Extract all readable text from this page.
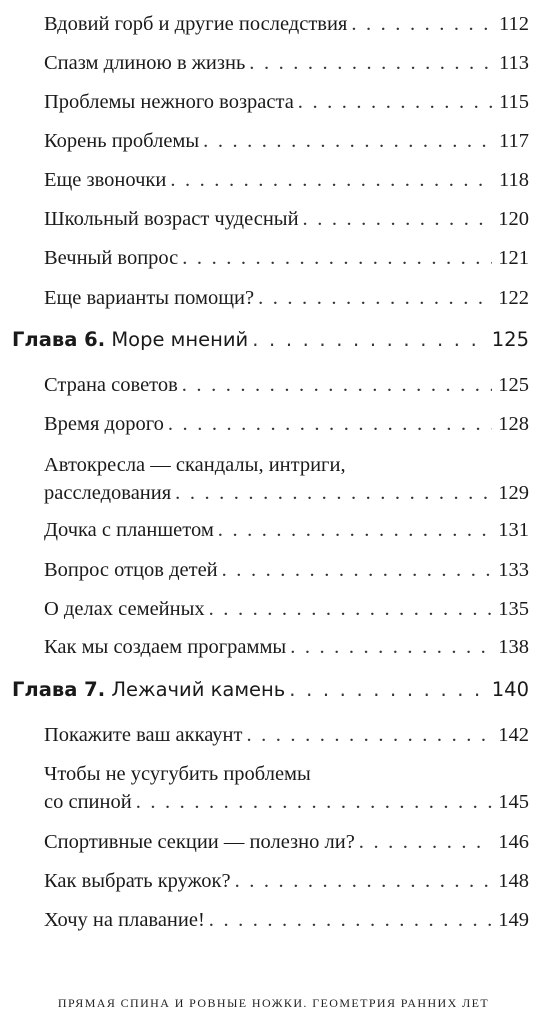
Вдовий горб и другие последствия . . .	112
Спазм длиною в жизнь . . .	113
Проблемы нежного возраста . . .	115
Корень проблемы . . .	117
Еще звоночки . . .	118
Школьный возраст чудесный . . .	120
Вечный вопрос . . .	121
Еще варианты помощи? . . .	122
Глава 6. Море мнений . . .	125
Страна советов . . .	125
Время дорого . . .	128
Автокресла — скандалы, интриги,
расследования . . .	129
Дочка с планшетом . . .	131
Вопрос отцов детей . . .	133
О делах семейных . . .	135
Как мы создаем программы . . .	138
Глава 7. Лежачий камень . . .	140
Покажите ваш аккаунт . . .	142
Чтобы не усугубить проблемы
со спиной . . .	145
Спортивные секции — полезно ли? . . .	146
Как выбрать кружок? . . .	148
Хочу на плавание! . . .	149
ПРЯМАЯ СПИНА И РОВНЫЕ НОЖКИ. ГЕОМЕТРИЯ РАННИХ ЛЕТ
